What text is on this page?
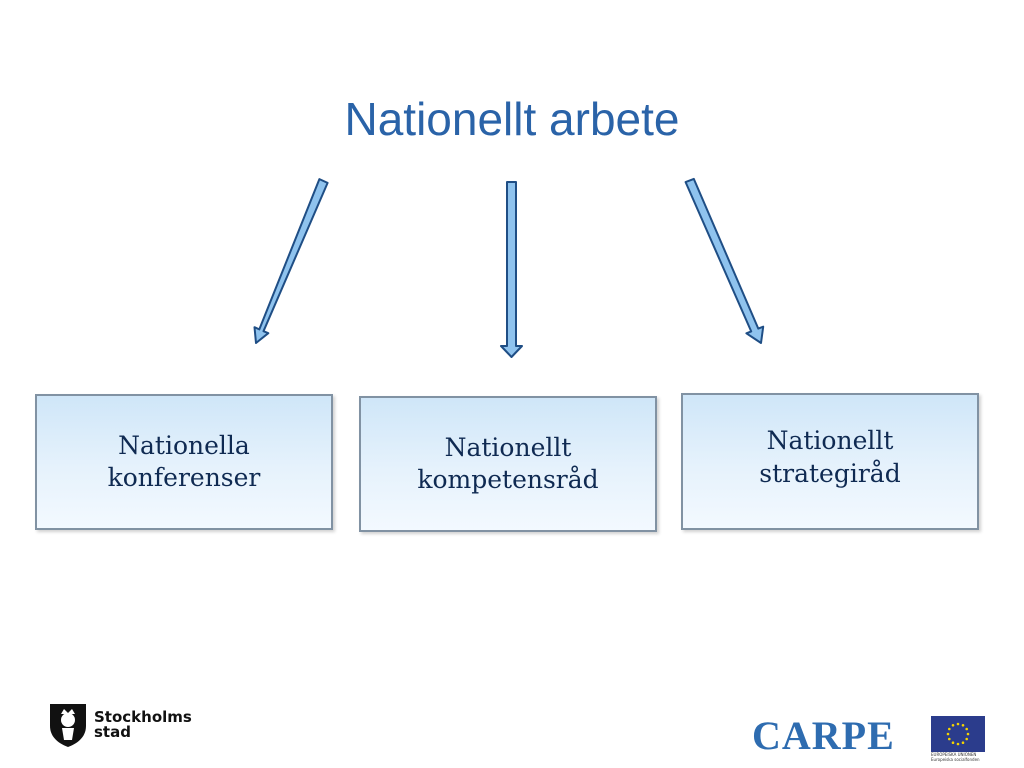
Nationellt arbete
Nationella
konferenser
Nationellt
kompetensråd
Nationellt
strategiråd
Stockholms
stad	CARPE	EUROPEISKA UNIONEN
Europeiska socialfonden
